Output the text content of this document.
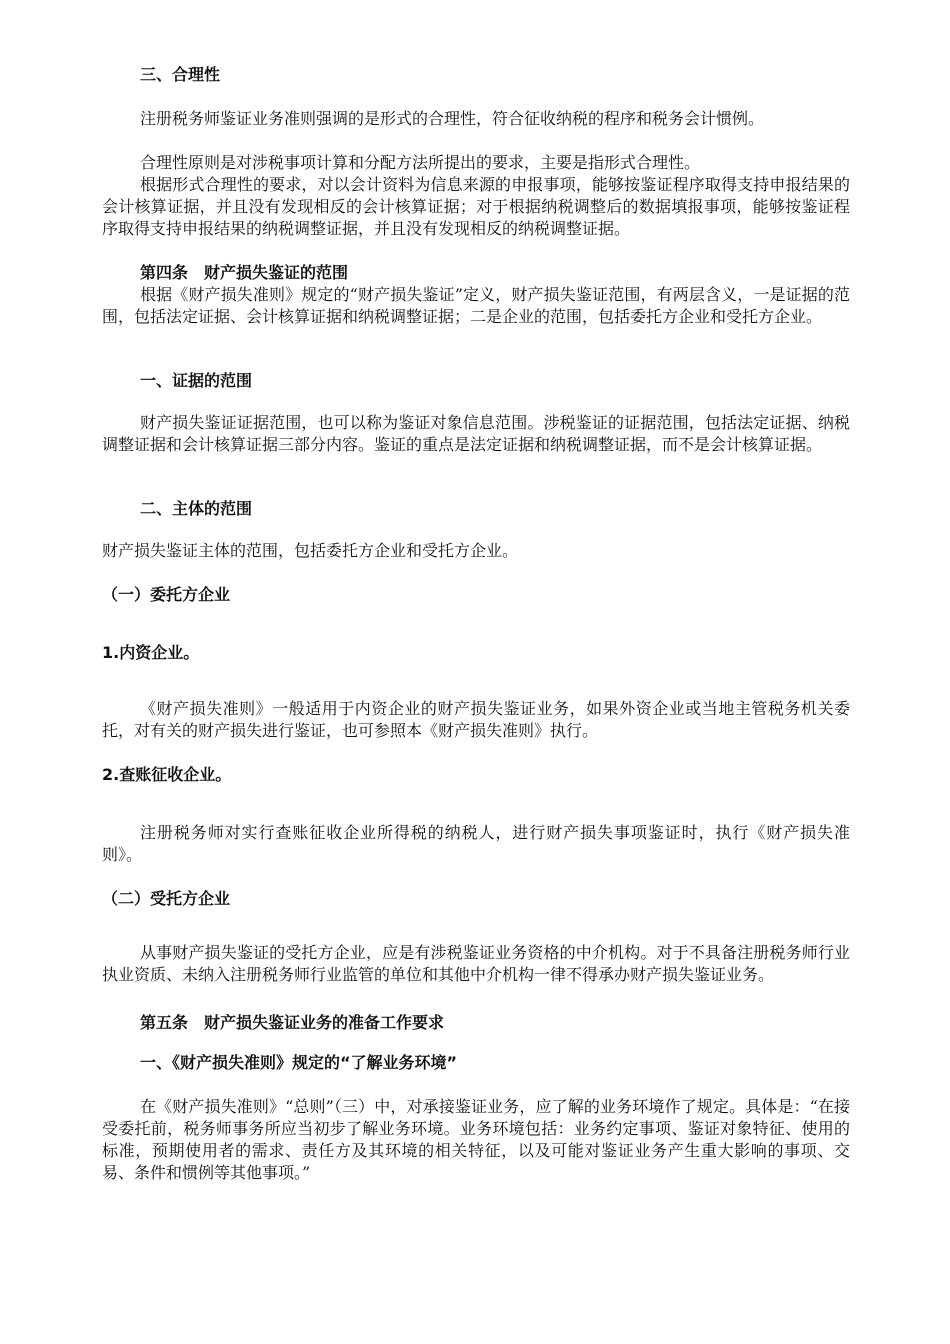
三、合理性

注册税务师鉴证业务准则强调的是形式的合理性，符合征收纳税的程序和税务会计惯例。

合理性原则是对涉税事项计算和分配方法所提出的要求，主要是指形式合理性。

根据形式合理性的要求，对以会计资料为信息来源的申报事项，能够按鉴证程序取得支持申报结果的会计核算证据，并且没有发现相反的会计核算证据；对于根据纳税调整后的数据填报事项，能够按鉴证程序取得支持申报结果的纳税调整证据，并且没有发现相反的纳税调整证据。

第四条　财产损失鉴证的范围

根据《财产损失准则》规定的“财产损失鉴证”定义，财产损失鉴证范围，有两层含义，一是证据的范围，包括法定证据、会计核算证据和纳税调整证据；二是企业的范围，包括委托方企业和受托方企业。

一、证据的范围

财产损失鉴证证据范围，也可以称为鉴证对象信息范围。涉税鉴证的证据范围，包括法定证据、纳税调整证据和会计核算证据三部分内容。鉴证的重点是法定证据和纳税调整证据，而不是会计核算证据。

二、主体的范围

财产损失鉴证主体的范围，包括委托方企业和受托方企业。

（一）委托方企业
1.内资企业。

《财产损失准则》一般适用于内资企业的财产损失鉴证业务，如果外资企业或当地主管税务机关委托，对有关的财产损失进行鉴证，也可参照本《财产损失准则》执行。

2.查账征收企业。

注册税务师对实行查账征收企业所得税的纳税人，进行财产损失事项鉴证时，执行《财产损失准则》。

（二）受托方企业

从事财产损失鉴证的受托方企业，应是有涉税鉴证业务资格的中介机构。对于不具备注册税务师行业执业资质、未纳入注册税务师行业监管的单位和其他中介机构一律不得承办财产损失鉴证业务。

第五条　财产损失鉴证业务的准备工作要求
一、《财产损失准则》规定的“了解业务环境”

在《财产损失准则》“总则”（三）中，对承接鉴证业务，应了解的业务环境作了规定。具体是：“在接受委托前，税务师事务所应当初步了解业务环境。业务环境包括：业务约定事项、鉴证对象特征、使用的标准，预期使用者的需求、责任方及其环境的相关特征，以及可能对鉴证业务产生重大影响的事项、交易、条件和惯例等其他事项。”
